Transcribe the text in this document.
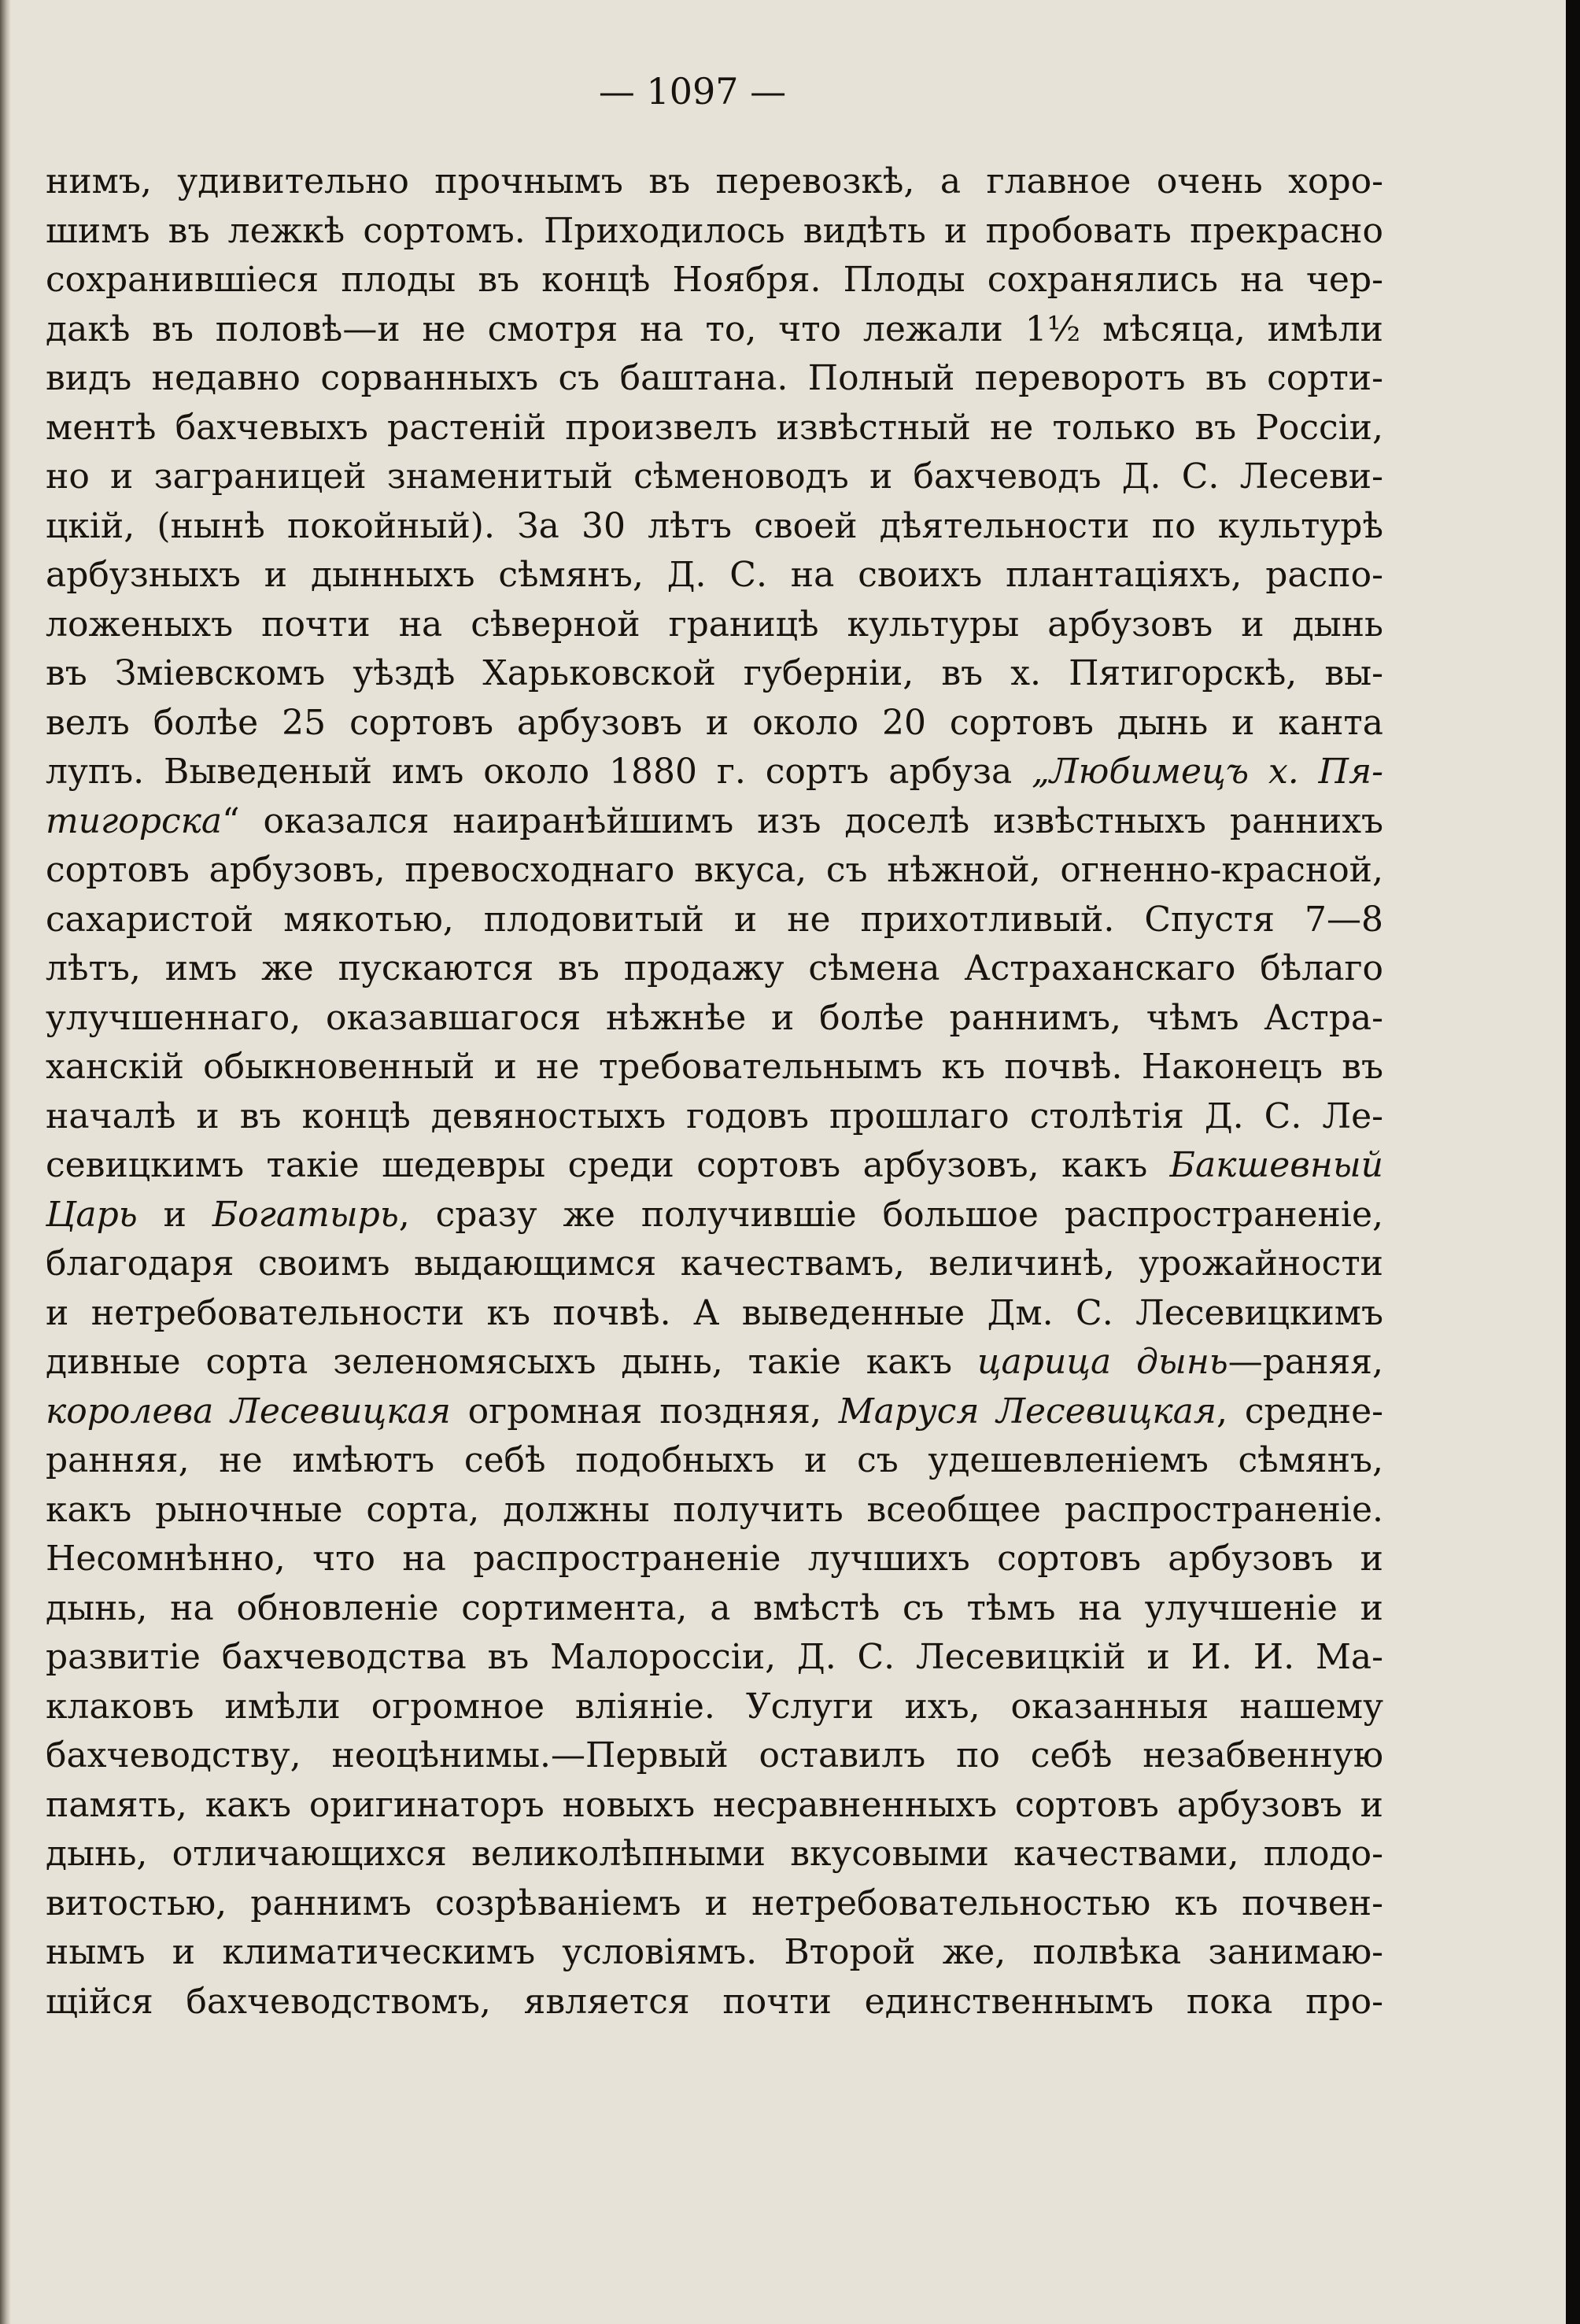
— 1097 —
нимъ, удивительно прочнымъ въ перевозкѣ, а главное очень хоро-
шимъ въ лежкѣ сортомъ. Приходилось видѣть и пробовать прекрасно
сохранившіеся плоды въ концѣ Ноября. Плоды сохранялись на чер-
дакѣ въ половѣ—и не смотря на то, что лежали 1½ мѣсяца, имѣли
видъ недавно сорванныхъ съ баштана. Полный переворотъ въ сорти-
ментѣ бахчевыхъ растеній произвелъ извѣстный не только въ Россіи,
но и заграницей знаменитый сѣменоводъ и бахчеводъ Д. С. Лесеви-
цкій, (нынѣ покойный). За 30 лѣтъ своей дѣятельности по культурѣ
арбузныхъ и дынныхъ сѣмянъ, Д. С. на своихъ плантаціяхъ, распо-
ложеныхъ почти на сѣверной границѣ культуры арбузовъ и дынь
въ Зміевскомъ уѣздѣ Харьковской губерніи, въ х. Пятигорскѣ, вы-
велъ болѣе 25 сортовъ арбузовъ и около 20 сортовъ дынь и канта
лупъ. Выведеный имъ около 1880 г. сортъ арбуза „Любимецъ х. Пя-
тигорска“ оказался наиранѣйшимъ изъ доселѣ извѣстныхъ раннихъ
сортовъ арбузовъ, превосходнаго вкуса, съ нѣжной, огненно-красной,
сахаристой мякотью, плодовитый и не прихотливый. Спустя 7—8
лѣтъ, имъ же пускаются въ продажу сѣмена Астраханскаго бѣлаго
улучшеннаго, оказавшагося нѣжнѣе и болѣе раннимъ, чѣмъ Астра-
ханскій обыкновенный и не требовательнымъ къ почвѣ. Наконецъ въ
началѣ и въ концѣ девяностыхъ годовъ прошлаго столѣтія Д. С. Ле-
севицкимъ такіе шедевры среди сортовъ арбузовъ, какъ Бакшевный
Царь и Богатырь, сразу же получившіе большое распространеніе,
благодаря своимъ выдающимся качествамъ, величинѣ, урожайности
и нетребовательности къ почвѣ. А выведенные Дм. С. Лесевицкимъ
дивные сорта зеленомясыхъ дынь, такіе какъ царица дынь—раняя,
королева Лесевицкая огромная поздняя, Маруся Лесевицкая, средне-
ранняя, не имѣютъ себѣ подобныхъ и съ удешевленіемъ сѣмянъ,
какъ рыночные сорта, должны получить всеобщее распространеніе.
Несомнѣнно, что на распространеніе лучшихъ сортовъ арбузовъ и
дынь, на обновленіе сортимента, а вмѣстѣ съ тѣмъ на улучшеніе и
развитіе бахчеводства въ Малороссіи, Д. С. Лесевицкій и И. И. Ма-
клаковъ имѣли огромное вліяніе. Услуги ихъ, оказанныя нашему
бахчеводству, неоцѣнимы.—Первый оставилъ по себѣ незабвенную
память, какъ оригинаторъ новыхъ несравненныхъ сортовъ арбузовъ и
дынь, отличающихся великолѣпными вкусовыми качествами, плодо-
витостью, раннимъ созрѣваніемъ и нетребовательностью къ почвен-
нымъ и климатическимъ условіямъ. Второй же, полвѣка занимаю-
щійся бахчеводствомъ, является почти единственнымъ пока про-
